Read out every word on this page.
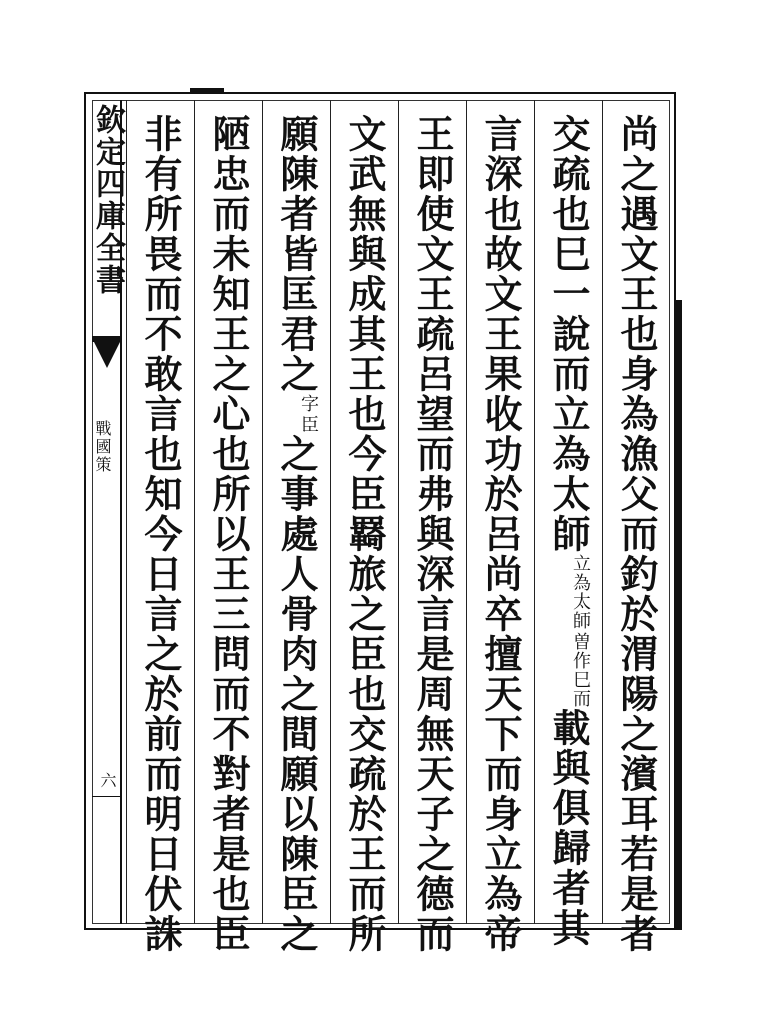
欽定四庫全書
戰國策
六	尚之遇文王也身為漁父而釣於渭陽之濱耳若是者
交疏也巳一說而立為太師
曽作巳而
立為太師
載與俱歸者其
言深也故文王果收功於呂尚卒擅天下而身立為帝
王即使文王疏呂望而弗與深言是周無天子之德而
文武無與成其王也今臣羇旅之臣也交疏於王而所
願陳者皆匡君之
臣
字
之事處人骨肉之間願以陳臣之
陋忠而未知王之心也所以王三問而不對者是也臣
非有所畏而不敢言也知今日言之於前而明日伏誅
